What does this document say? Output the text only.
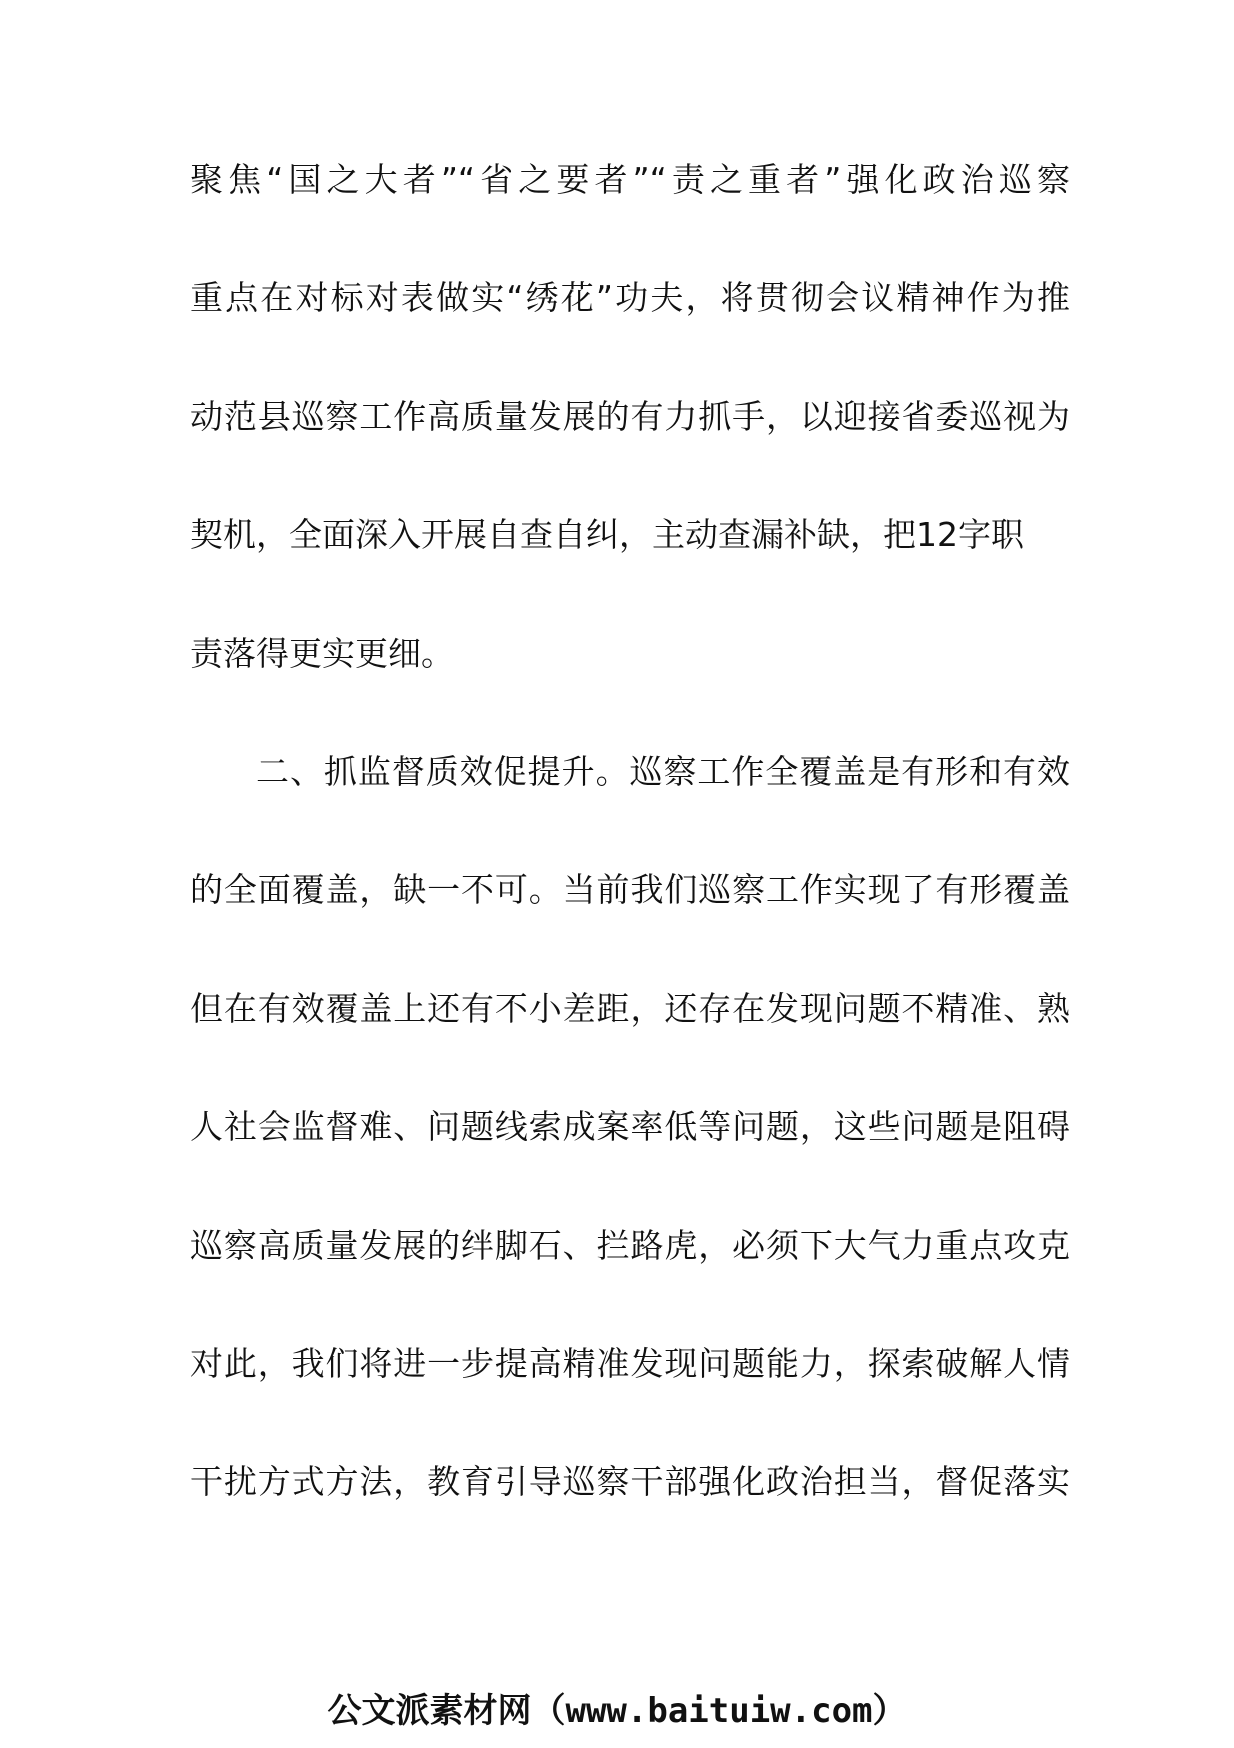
聚焦“国之大者”“省之要者”“责之重者”强化政治巡察
重点在对标对表做实“绣花”功夫，将贯彻会议精神作为推
动范县巡察工作高质量发展的有力抓手，以迎接省委巡视为
契机，全面深入开展自查自纠，主动查漏补缺，把12字职
责落得更实更细。
二、抓监督质效促提升。巡察工作全覆盖是有形和有效
的全面覆盖，缺一不可。当前我们巡察工作实现了有形覆盖
但在有效覆盖上还有不小差距，还存在发现问题不精准、熟
人社会监督难、问题线索成案率低等问题，这些问题是阻碍
巡察高质量发展的绊脚石、拦路虎，必须下大气力重点攻克
对此，我们将进一步提高精准发现问题能力，探索破解人情
干扰方式方法，教育引导巡察干部强化政治担当，督促落实
公文派素材网（www.baituiw.com）
